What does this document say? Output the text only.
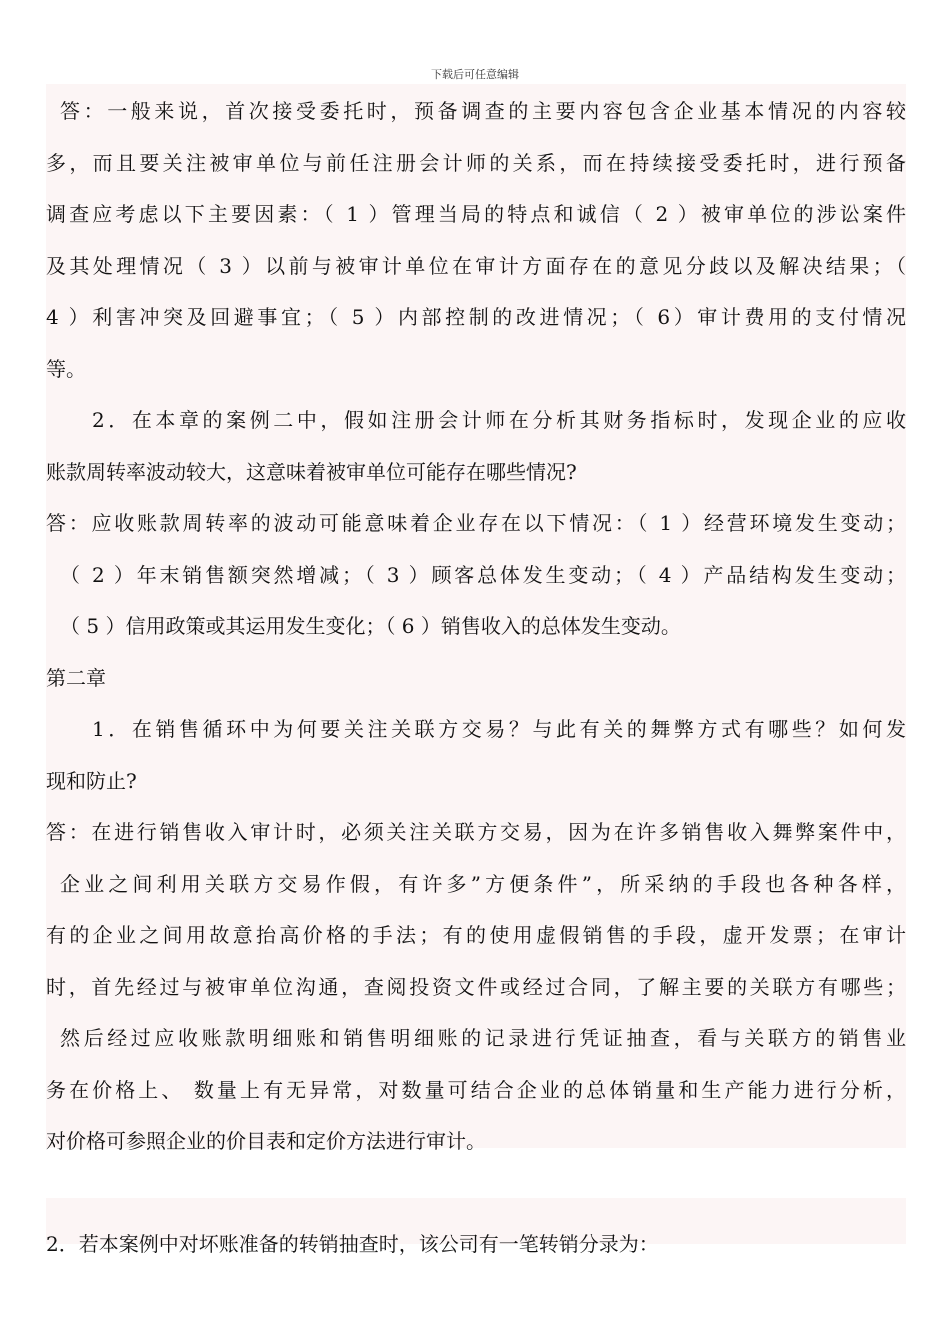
下载后可任意编辑
答：一般来说，首次接受委托时，预备调查的主要内容包含企业基本情况的内容较
多，而且要关注被审单位与前任注册会计师的关系，而在持续接受委托时，进行预备
调查应考虑以下主要因素：（ 1 ）管理当局的特点和诚信（ 2 ）被审单位的涉讼案件
及其处理情况（ 3 ）以前与被审计单位在审计方面存在的意见分歧以及解决结果；（
4 ）利害冲突及回避事宜；（ 5 ）内部控制的改进情况；（ 6）审计费用的支付情况
等。
2．在本章的案例二中，假如注册会计师在分析其财务指标时，发现企业的应收
账款周转率波动较大，这意味着被审单位可能存在哪些情况?
答：应收账款周转率的波动可能意味着企业存在以下情况：（ 1 ）经营环境发生变动；
（ 2 ）年末销售额突然增减；（ 3 ）顾客总体发生变动；（ 4 ）产品结构发生变动；
（ 5 ）信用政策或其运用发生变化；（ 6 ）销售收入的总体发生变动。
第二章
1．在销售循环中为何要关注关联方交易？与此有关的舞弊方式有哪些？如何发
现和防止?
答：在进行销售收入审计时，必须关注关联方交易，因为在许多销售收入舞弊案件中，
企业之间利用关联方交易作假，有许多”方便条件”，所采纳的手段也各种各样，
有的企业之间用故意抬高价格的手法；有的使用虚假销售的手段，虚开发票；在审计
时，首先经过与被审单位沟通，查阅投资文件或经过合同，了解主要的关联方有哪些；
然后经过应收账款明细账和销售明细账的记录进行凭证抽查，看与关联方的销售业
务在价格上、 数量上有无异常，对数量可结合企业的总体销量和生产能力进行分析，
对价格可参照企业的价目表和定价方法进行审计。
2．若本案例中对坏账准备的转销抽查时，该公司有一笔转销分录为：
